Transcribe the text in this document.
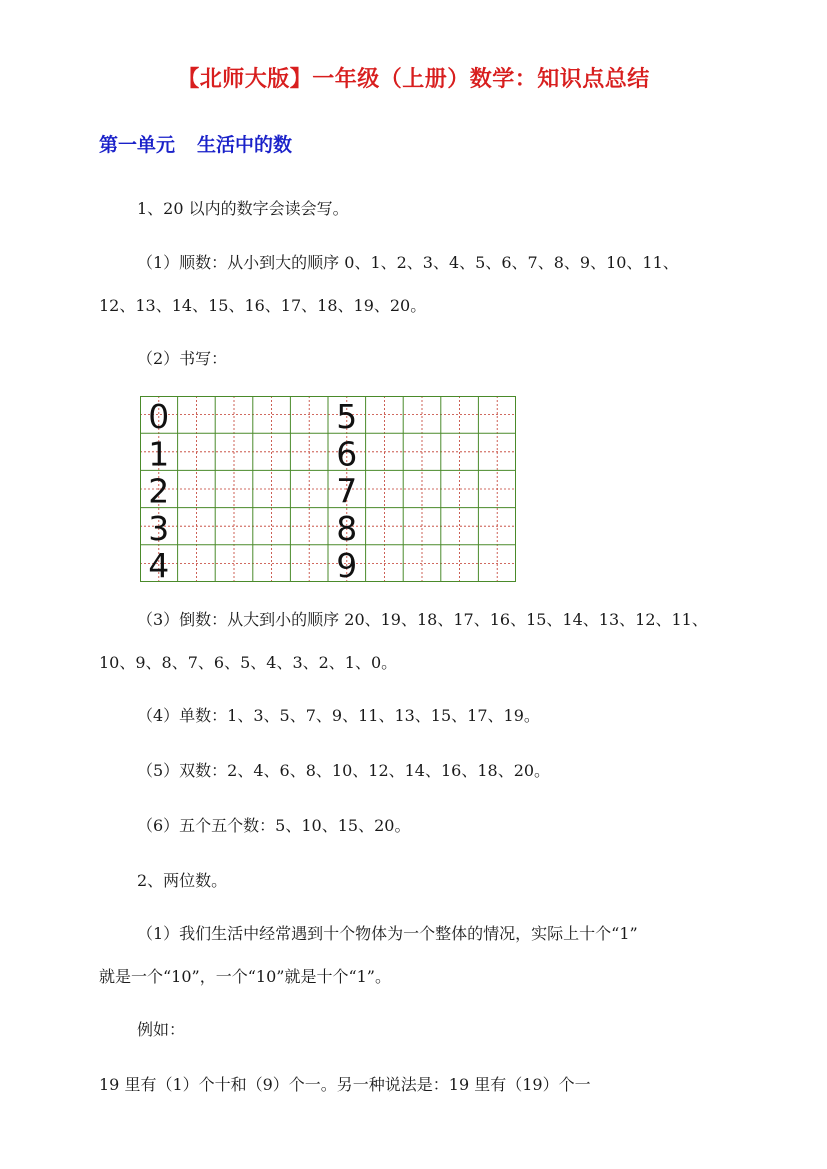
【北师大版】一年级（上册）数学：知识点总结
第一单元 生活中的数
1、20 以内的数字会读会写。
（1）顺数：从小到大的顺序 0、1、2、3、4、5、6、7、8、9、10、11、
12、13、14、15、16、17、18、19、20。
（2）书写：
0
1
2
3
4
5
6
7
8
9
（3）倒数：从大到小的顺序 20、19、18、17、16、15、14、13、12、11、
10、9、8、7、6、5、4、3、2、1、0。
（4）单数：1、3、5、7、9、11、13、15、17、19。
（5）双数：2、4、6、8、10、12、14、16、18、20。
（6）五个五个数：5、10、15、20。
2、两位数。
（1）我们生活中经常遇到十个物体为一个整体的情况，实际上十个“1”
就是一个“10”，一个“10”就是十个“1”。
例如：
19 里有（1）个十和（9）个一。另一种说法是：19 里有（19）个一
